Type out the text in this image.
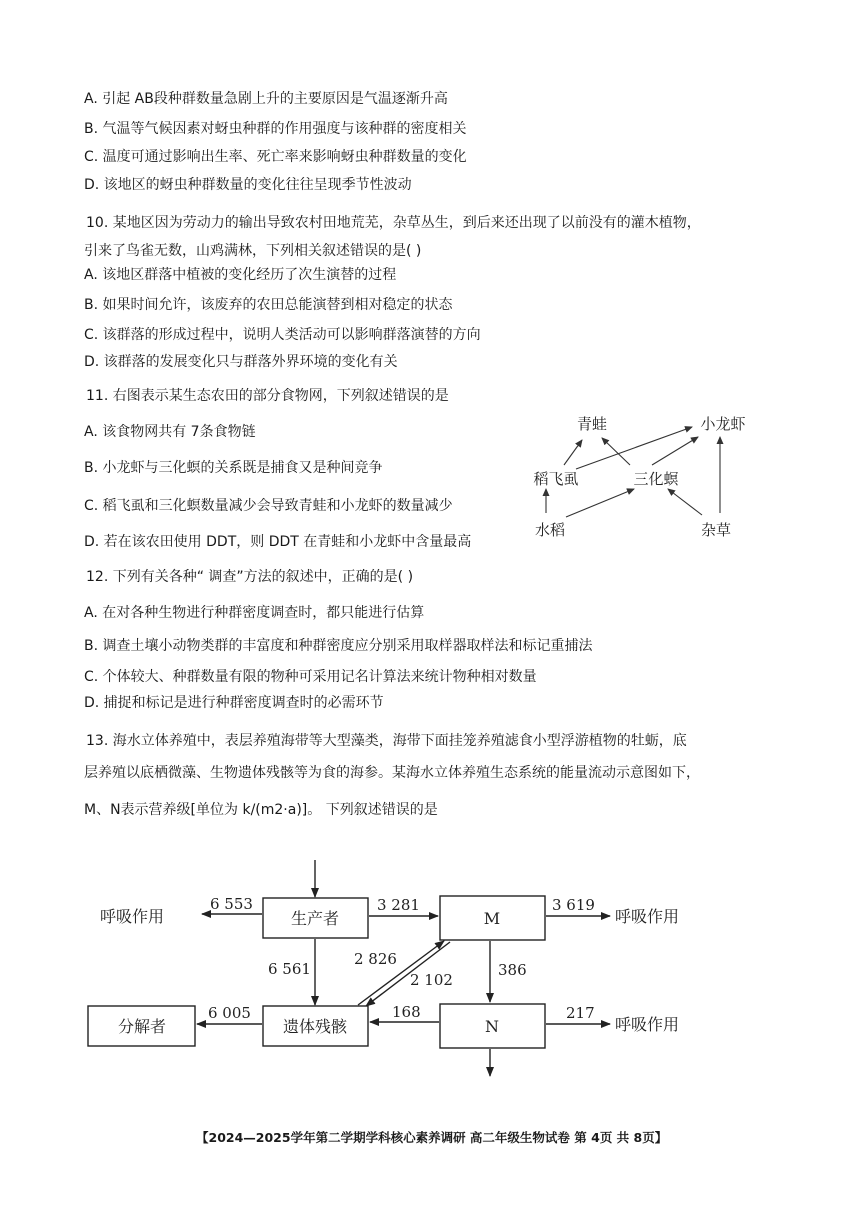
A. 引起 AB段种群数量急剧上升的主要原因是气温逐渐升高
B. 气温等气候因素对蚜虫种群的作用强度与该种群的密度相关
C. 温度可通过影响出生率、死亡率来影响蚜虫种群数量的变化
D. 该地区的蚜虫种群数量的变化往往呈现季节性波动
10. 某地区因为劳动力的输出导致农村田地荒芜，杂草丛生，到后来还出现了以前没有的灌木植物，
引来了鸟雀无数，山鸡满林，下列相关叙述错误的是( )
A. 该地区群落中植被的变化经历了次生演替的过程
B. 如果时间允许，该废弃的农田总能演替到相对稳定的状态
C. 该群落的形成过程中，说明人类活动可以影响群落演替的方向
D. 该群落的发展变化只与群落外界环境的变化有关
11. 右图表示某生态农田的部分食物网，下列叙述错误的是
A. 该食物网共有 7条食物链
B. 小龙虾与三化螟的关系既是捕食又是种间竞争
C. 稻飞虱和三化螟数量减少会导致青蛙和小龙虾的数量减少
D. 若在该农田使用 DDT，则 DDT 在青蛙和小龙虾中含量最高
青蛙	小龙虾
稻飞虱	三化螟
水稻	杂草
12. 下列有关各种“ 调查”方法的叙述中，正确的是( )
A. 在对各种生物进行种群密度调查时，都只能进行估算
B. 调查土壤小动物类群的丰富度和种群密度应分别采用取样器取样法和标记重捕法
C. 个体较大、种群数量有限的物种可采用记名计算法来统计物种相对数量
D. 捕捉和标记是进行种群密度调查时的必需环节
13. 海水立体养殖中，表层养殖海带等大型藻类，海带下面挂笼养殖滤食小型浮游植物的牡蛎，底
层养殖以底栖微藻、生物遗体残骸等为食的海参。某海水立体养殖生态系统的能量流动示意图如下，
M、N表示营养级[单位为 k/(m2·a)]。 下列叙述错误的是
生产者	M
N
遗体残骸
分解者
呼吸作用	呼吸作用
呼吸作用
6 553	3 281	3 619
6 561
2 826
2 102
386
168	217
6 005
【2024—2025学年第二学期学科核心素养调研 高二年级生物试卷 第 4页 共 8页】
